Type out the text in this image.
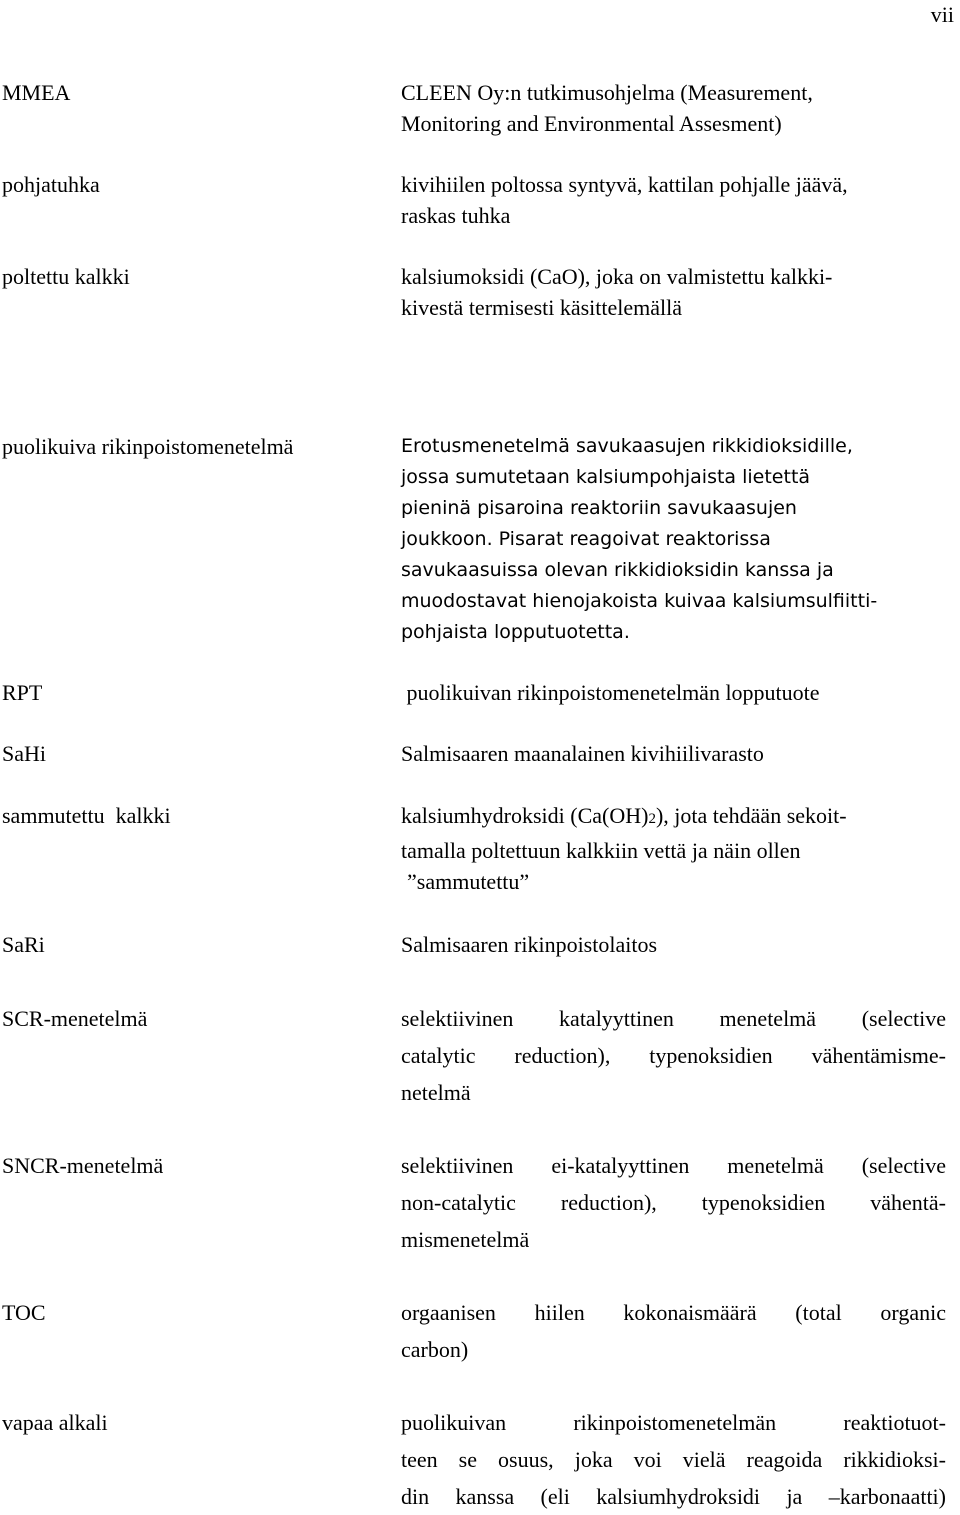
vii
MMEA	CLEEN Oy:n tutkimusohjelma (Measurement,
Monitoring and Environmental Assesment)
pohjatuhka	kivihiilen poltossa syntyvä, kattilan pohjalle jäävä,
raskas tuhka
poltettu kalkki	kalsiumoksidi (CaO), joka on valmistettu kalkki-
kivestä termisesti käsittelemällä
puolikuiva rikinpoistomenetelmä	Erotusmenetelmä savukaasujen rikkidioksidille,
jossa sumutetaan kalsiumpohjaista lietettä
pieninä pisaroina reaktoriin savukaasujen
joukkoon. Pisarat reagoivat reaktorissa
savukaasuissa olevan rikkidioksidin kanssa ja
muodostavat hienojakoista kuivaa kalsiumsulfiitti-
pohjaista lopputuotetta.
RPT	puolikuivan rikinpoistomenetelmän lopputuote
SaHi	Salmisaaren maanalainen kivihiilivarasto
sammutettu  kalkki	kalsiumhydroksidi (Ca(OH)2), jota tehdään sekoit-
tamalla poltettuun kalkkiin vettä ja näin ollen
”sammutettu”
SaRi	Salmisaaren rikinpoistolaitos
SCR-menetelmä	selektiivinen katalyyttinen menetelmä (selective
catalytic reduction), typenoksidien vähentämisme-
netelmä
SNCR-menetelmä	selektiivinen ei-katalyyttinen menetelmä (selective
non-catalytic reduction), typenoksidien vähentä-
mismenetelmä
TOC	orgaanisen hiilen kokonaismäärä (total organic
carbon)
vapaa alkali	puolikuivan rikinpoistomenetelmän reaktiotuot-
teen se osuus, joka voi vielä reagoida rikkidioksi-
din kanssa (eli kalsiumhydroksidi ja –karbonaatti)
